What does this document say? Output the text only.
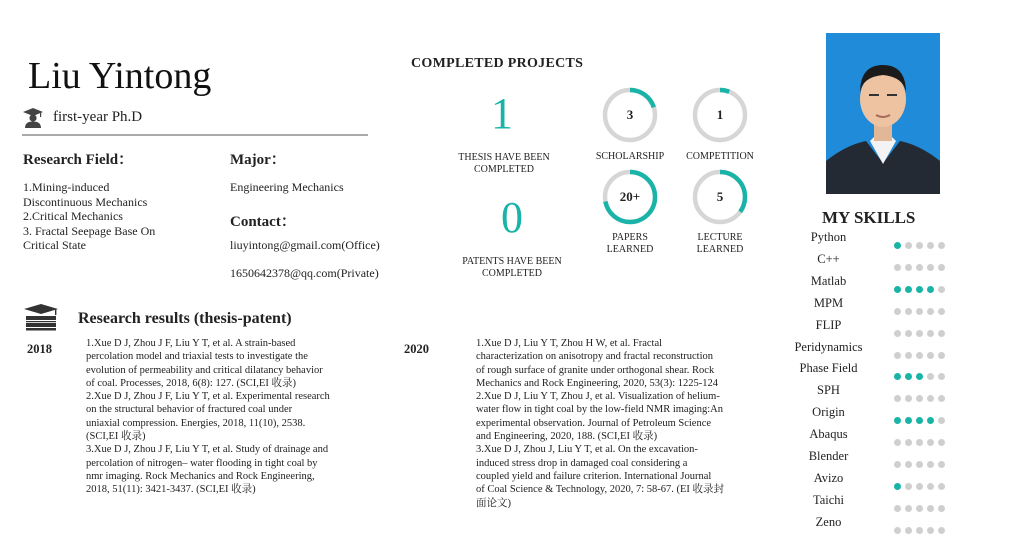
Liu Yintong
first-year Ph.D
Research Field：
1.Mining-induced
Discontinuous Mechanics
2.Critical Mechanics
3. Fractal Seepage Base On
Critical State
Major：
Engineering Mechanics
Contact：
liuyintong@gmail.com(Office)
1650642378@qq.com(Private)
COMPLETED PROJECTS
1
THESIS HAVE BEEN
COMPLETED
0
PATENTS HAVE BEEN
COMPLETED
3
SCHOLARSHIP
1
COMPETITION
20+
PAPERS
LEARNED
5
LECTURE
LEARNED
MY SKILLS
Python
C++
Matlab
MPM
FLIP
Peridynamics
Phase Field
SPH
Origin
Abaqus
Blender
Avizo
Taichi
Zeno
Research results (thesis-patent)
2018	1.Xue D J, Zhou J F, Liu Y T, et al. A strain-based
percolation model and triaxial tests to investigate the
evolution of permeability and critical dilatancy behavior
of coal. Processes, 2018, 6(8): 127. (SCI,EI 收录)
2.Xue D J, Zhou J F, Liu Y T, et al. Experimental research
on the structural behavior of fractured coal under
uniaxial compression. Energies, 2018, 11(10), 2538.
(SCI,EI 收录)
3.Xue D J, Zhou J F, Liu Y T, et al. Study of drainage and
percolation of nitrogen– water flooding in tight coal by
nmr imaging. Rock Mechanics and Rock Engineering,
2018, 51(11): 3421-3437. (SCI,EI 收录)
2020	1.Xue D J, Liu Y T, Zhou H W, et al. Fractal
characterization on anisotropy and fractal reconstruction
of rough surface of granite under orthogonal shear. Rock
Mechanics and Rock Engineering, 2020, 53(3): 1225-124
2.Xue D J, Liu Y T, Zhou J, et al. Visualization of helium-
water flow in tight coal by the low-field NMR imaging:An
experimental observation. Journal of Petroleum Science
and Engineering, 2020, 188. (SCI,EI 收录)
3.Xue D J, Zhou J, Liu Y T, et al. On the excavation-
induced stress drop in damaged coal considering a
coupled yield and failure criterion. International Journal
of Coal Science & Technology, 2020, 7: 58-67. (EI 收录封
面论文)
